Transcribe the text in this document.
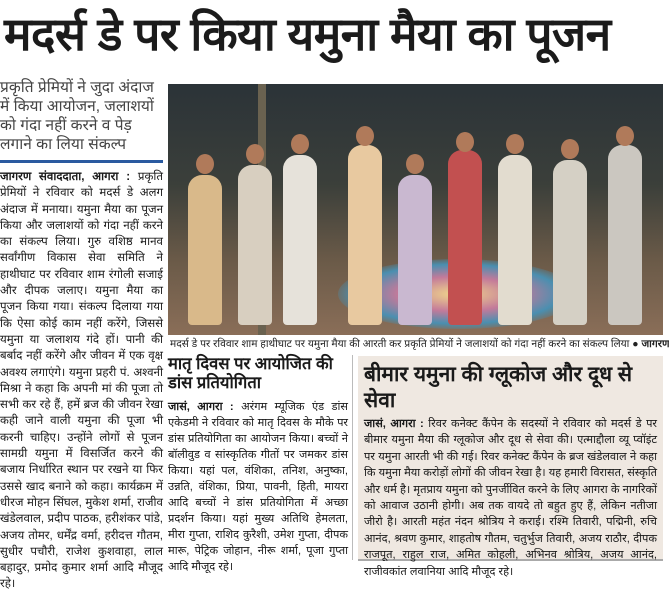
मदर्स डे पर किया यमुना मैया का पूजन
प्रकृति प्रेमियों ने जुदा अंदाज में किया आयोजन, जलाशयों को गंदा नहीं करने व पेड़ लगाने का लिया संकल्प

जागरण संवाददाता, आगरा : प्रकृति प्रेमियों ने रविवार को मदर्स डे अलग अंदाज में मनाया। यमुना मैया का पूजन किया और जलाशयों को गंदा नहीं करने का संकल्प लिया। गुरु वशिष्ठ मानव सर्वांगीण विकास सेवा समिति ने हाथीघाट पर रविवार शाम रंगोली सजाई और दीपक जलाए। यमुना मैया का पूजन किया गया। संकल्प दिलाया गया कि ऐसा कोई काम नहीं करेंगे, जिससे यमुना या जलाशय गंदे हों। पानी की बर्बाद नहीं करेंगे और जीवन में एक वृक्ष अवश्य लगाएंगे। यमुना प्रहरी पं. अश्वनी मिश्रा ने कहा कि अपनी मां की पूजा तो सभी कर रहे हैं, हमें ब्रज की जीवन रेखा कही जाने वाली यमुना की पूजा भी करनी चाहिए। उन्होंने लोगों से पूजन सामग्री यमुना में विसर्जित करने की बजाय निर्धारित स्थान पर रखने या फिर उससे खाद बनाने को कहा। कार्यक्रम में धीरज मोहन सिंघल, मुकेश शर्मा, राजीव खंडेलवाल, प्रदीप पाठक, हरीशंकर पांडे, अजय तोमर, धर्मेंद्र वर्मा, हरीदत्त गौतम, सुधीर पचौरी, राजेश कुशवाहा, लाल बहादुर, प्रमोद कुमार शर्मा आदि मौजूद रहे।

मदर्स डे पर रविवार शाम हाथीघाट पर यमुना मैया की आरती कर प्रकृति प्रेमियों ने जलाशयों को गंदा नहीं करने का संकल्प लिया ● जागरण
मातृ दिवस पर आयोजित की डांस प्रतियोगिता

जासं, आगरा : अरंगम म्यूजिक एंड डांस एकेडमी ने रविवार को मातृ दिवस के मौके पर डांस प्रतियोगिता का आयोजन किया। बच्चों ने बॉलीवुड व सांस्कृतिक गीतों पर जमकर डांस किया। यहां पल, वंशिका, तनिश, अनुष्का, उन्नति, वंशिका, प्रिया, पावनी, हिती, मायरा आदि बच्चों ने डांस प्रतियोगिता में अच्छा प्रदर्शन किया। यहां मुख्य अतिथि हेमलता, मीरा गुप्ता, राशिद कुरैशी, उमेश गुप्ता, दीपक मारू, पेट्रिक जोहान, नीरू शर्मा, पूजा गुप्ता आदि मौजूद रहे।

बीमार यमुना की ग्लूकोज और दूध से सेवा

जासं, आगरा : रिवर कनेक्ट कैंपेन के सदस्यों ने रविवार को मदर्स डे पर बीमार यमुना मैया की ग्लूकोज और दूध से सेवा की। एत्माद्दौला व्यू प्वॉइंट पर यमुना आरती भी की गई। रिवर कनेक्ट कैंपेन के ब्रज खंडेलवाल ने कहा कि यमुना मैया करोड़ों लोगों की जीवन रेखा है। यह हमारी विरासत, संस्कृति और धर्म है। मृतप्राय यमुना को पुनर्जीवित करने के लिए आगरा के नागरिकों को आवाज उठानी होगी। अब तक वायदे तो बहुत हुए हैं, लेकिन नतीजा जीरो है। आरती महंत नंदन श्रोत्रिय ने कराई। रश्मि तिवारी, पद्मिनी, रुचि आनंद, श्रवण कुमार, शाहतोष गौतम, चतुर्भुज तिवारी, अजय राठौर, दीपक राजपूत, राहुल राज, अमित कोहली, अभिनव श्रोत्रिय, अजय आनंद, राजीवकांत लवानिया आदि मौजूद रहे।
